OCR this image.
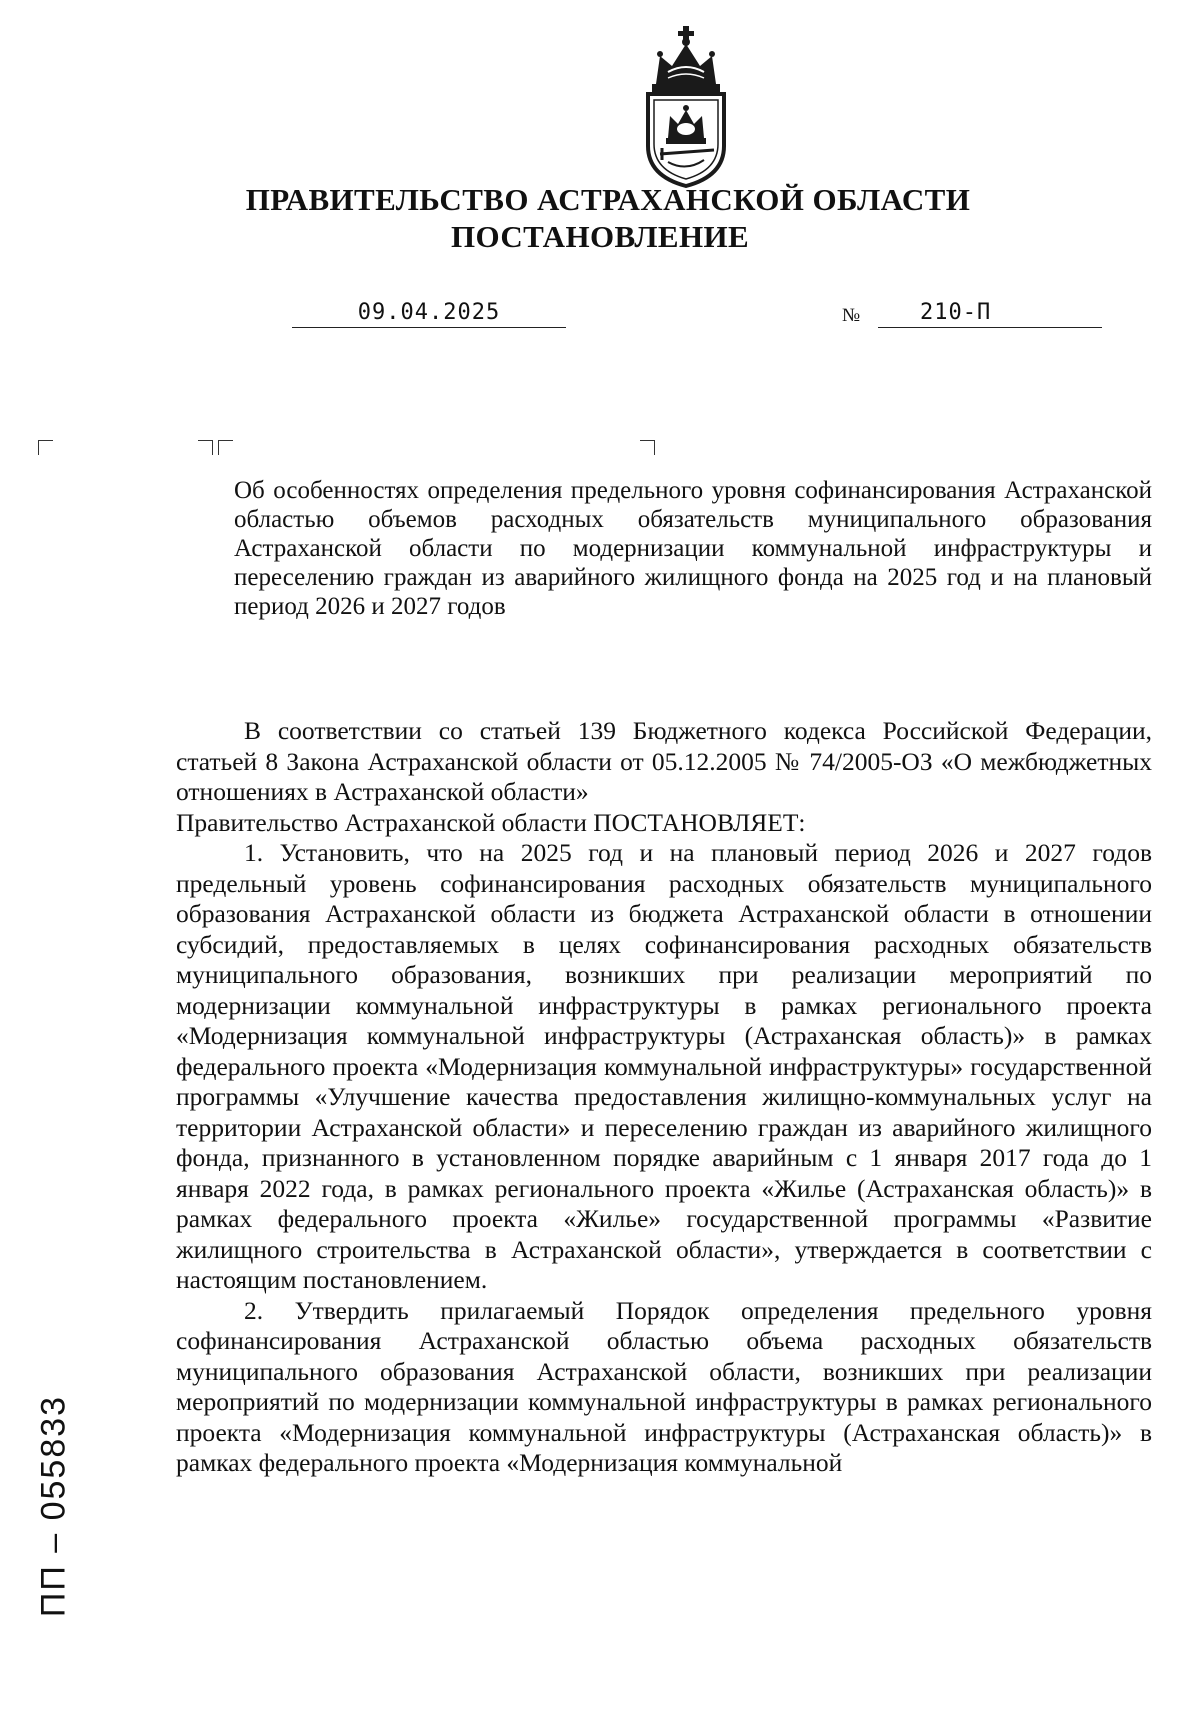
ПРАВИТЕЛЬСТВО АСТРАХАНСКОЙ ОБЛАСТИ
ПОСТАНОВЛЕНИЕ
09.04.2025	№	210-П

Об особенностях определения предельного уровня софинансирования Астраханской областью объемов расходных обязательств муниципального образования Астраханской области по модернизации коммунальной инфраструктуры и переселению граждан из аварийного жилищного фонда на 2025 год и на плановый период 2026 и 2027 годов

В соответствии со статьей 139 Бюджетного кодекса Российской Федерации, статьей 8 Закона Астраханской области от 05.12.2005 № 74/2005-ОЗ «О межбюджетных отношениях в Астраханской области»

Правительство Астраханской области ПОСТАНОВЛЯЕТ:

1. Установить, что на 2025 год и на плановый период 2026 и 2027 годов предельный уровень софинансирования расходных обязательств муниципального образования Астраханской области из бюджета Астраханской области в отношении субсидий, предоставляемых в целях софинансирования расходных обязательств муниципального образования, возникших при реализации мероприятий по модернизации коммунальной инфраструктуры в рамках регионального проекта «Модернизация коммунальной инфраструктуры (Астраханская область)» в рамках федерального проекта «Модернизация коммунальной инфраструктуры» государственной программы «Улучшение качества предоставления жилищно-коммунальных услуг на территории Астраханской области» и переселению граждан из аварийного жилищного фонда, признанного в установленном порядке аварийным с 1 января 2017 года до 1 января 2022 года, в рамках регионального проекта «Жилье (Астраханская область)» в рамках федерального проекта «Жилье» государственной программы «Развитие жилищного строительства в Астраханской области», утверждается в соответствии с настоящим постановлением.

2. Утвердить прилагаемый Порядок определения предельного уровня софинансирования Астраханской областью объема расходных обязательств муниципального образования Астраханской области, возникших при реализации мероприятий по модернизации коммунальной инфраструктуры в рамках регионального проекта «Модернизация коммунальной инфраструктуры (Астраханская область)» в рамках федерального проекта «Модернизация коммунальной

ПП – 055833
